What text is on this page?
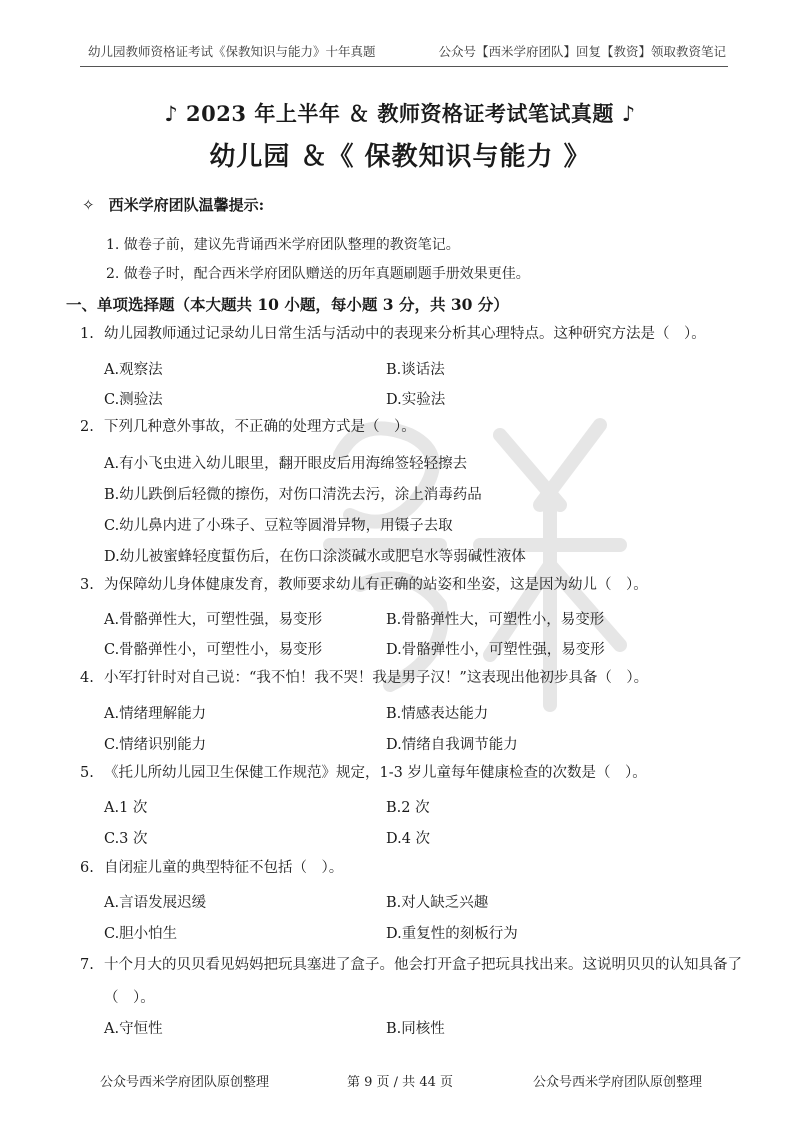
幼儿园教师资格证考试《保教知识与能力》十年真题	公众号【西米学府团队】回复【教资】领取教资笔记
♪ 2023 年上半年 ＆ 教师资格证考试笔试真题 ♪
幼儿园 ＆《 保教知识与能力 》
✧ 西米学府团队温馨提示:
1. 做卷子前，建议先背诵西米学府团队整理的教资笔记。
2. 做卷子时，配合西米学府团队赠送的历年真题刷题手册效果更佳。
一、单项选择题（本大题共 10 小题，每小题 3 分，共 30 分）
1. 幼儿园教师通过记录幼儿日常生活与活动中的表现来分析其心理特点。这种研究方法是（　）。
A.观察法	B.谈话法
C.测验法	D.实验法
2. 下列几种意外事故，不正确的处理方式是（　）。
A.有小飞虫进入幼儿眼里，翻开眼皮后用海绵签轻轻擦去
B.幼儿跌倒后轻微的擦伤，对伤口清洗去污，涂上消毒药品
C.幼儿鼻内进了小珠子、豆粒等圆滑异物，用镊子去取
D.幼儿被蜜蜂轻度蜇伤后，在伤口涂淡碱水或肥皂水等弱碱性液体
3. 为保障幼儿身体健康发育，教师要求幼儿有正确的站姿和坐姿，这是因为幼儿（　）。
A.骨骼弹性大，可塑性强，易变形	B.骨骼弹性大，可塑性小，易变形
C.骨骼弹性小，可塑性小，易变形	D.骨骼弹性小，可塑性强，易变形
4. 小军打针时对自己说：“我不怕！我不哭！我是男子汉！”这表现出他初步具备（　）。
A.情绪理解能力	B.情感表达能力
C.情绪识别能力	D.情绪自我调节能力
5. 《托儿所幼儿园卫生保健工作规范》规定，1-3 岁儿童每年健康检查的次数是（　）。
A.1 次	B.2 次
C.3 次	D.4 次
6. 自闭症儿童的典型特征不包括（　）。
A.言语发展迟缓	B.对人缺乏兴趣
C.胆小怕生	D.重复性的刻板行为
7. 十个月大的贝贝看见妈妈把玩具塞进了盒子。他会打开盒子把玩具找出来。这说明贝贝的认知具备了
（　）。
A.守恒性	B.同核性
公众号西米学府团队原创整理	第 9 页 / 共 44 页	公众号西米学府团队原创整理
